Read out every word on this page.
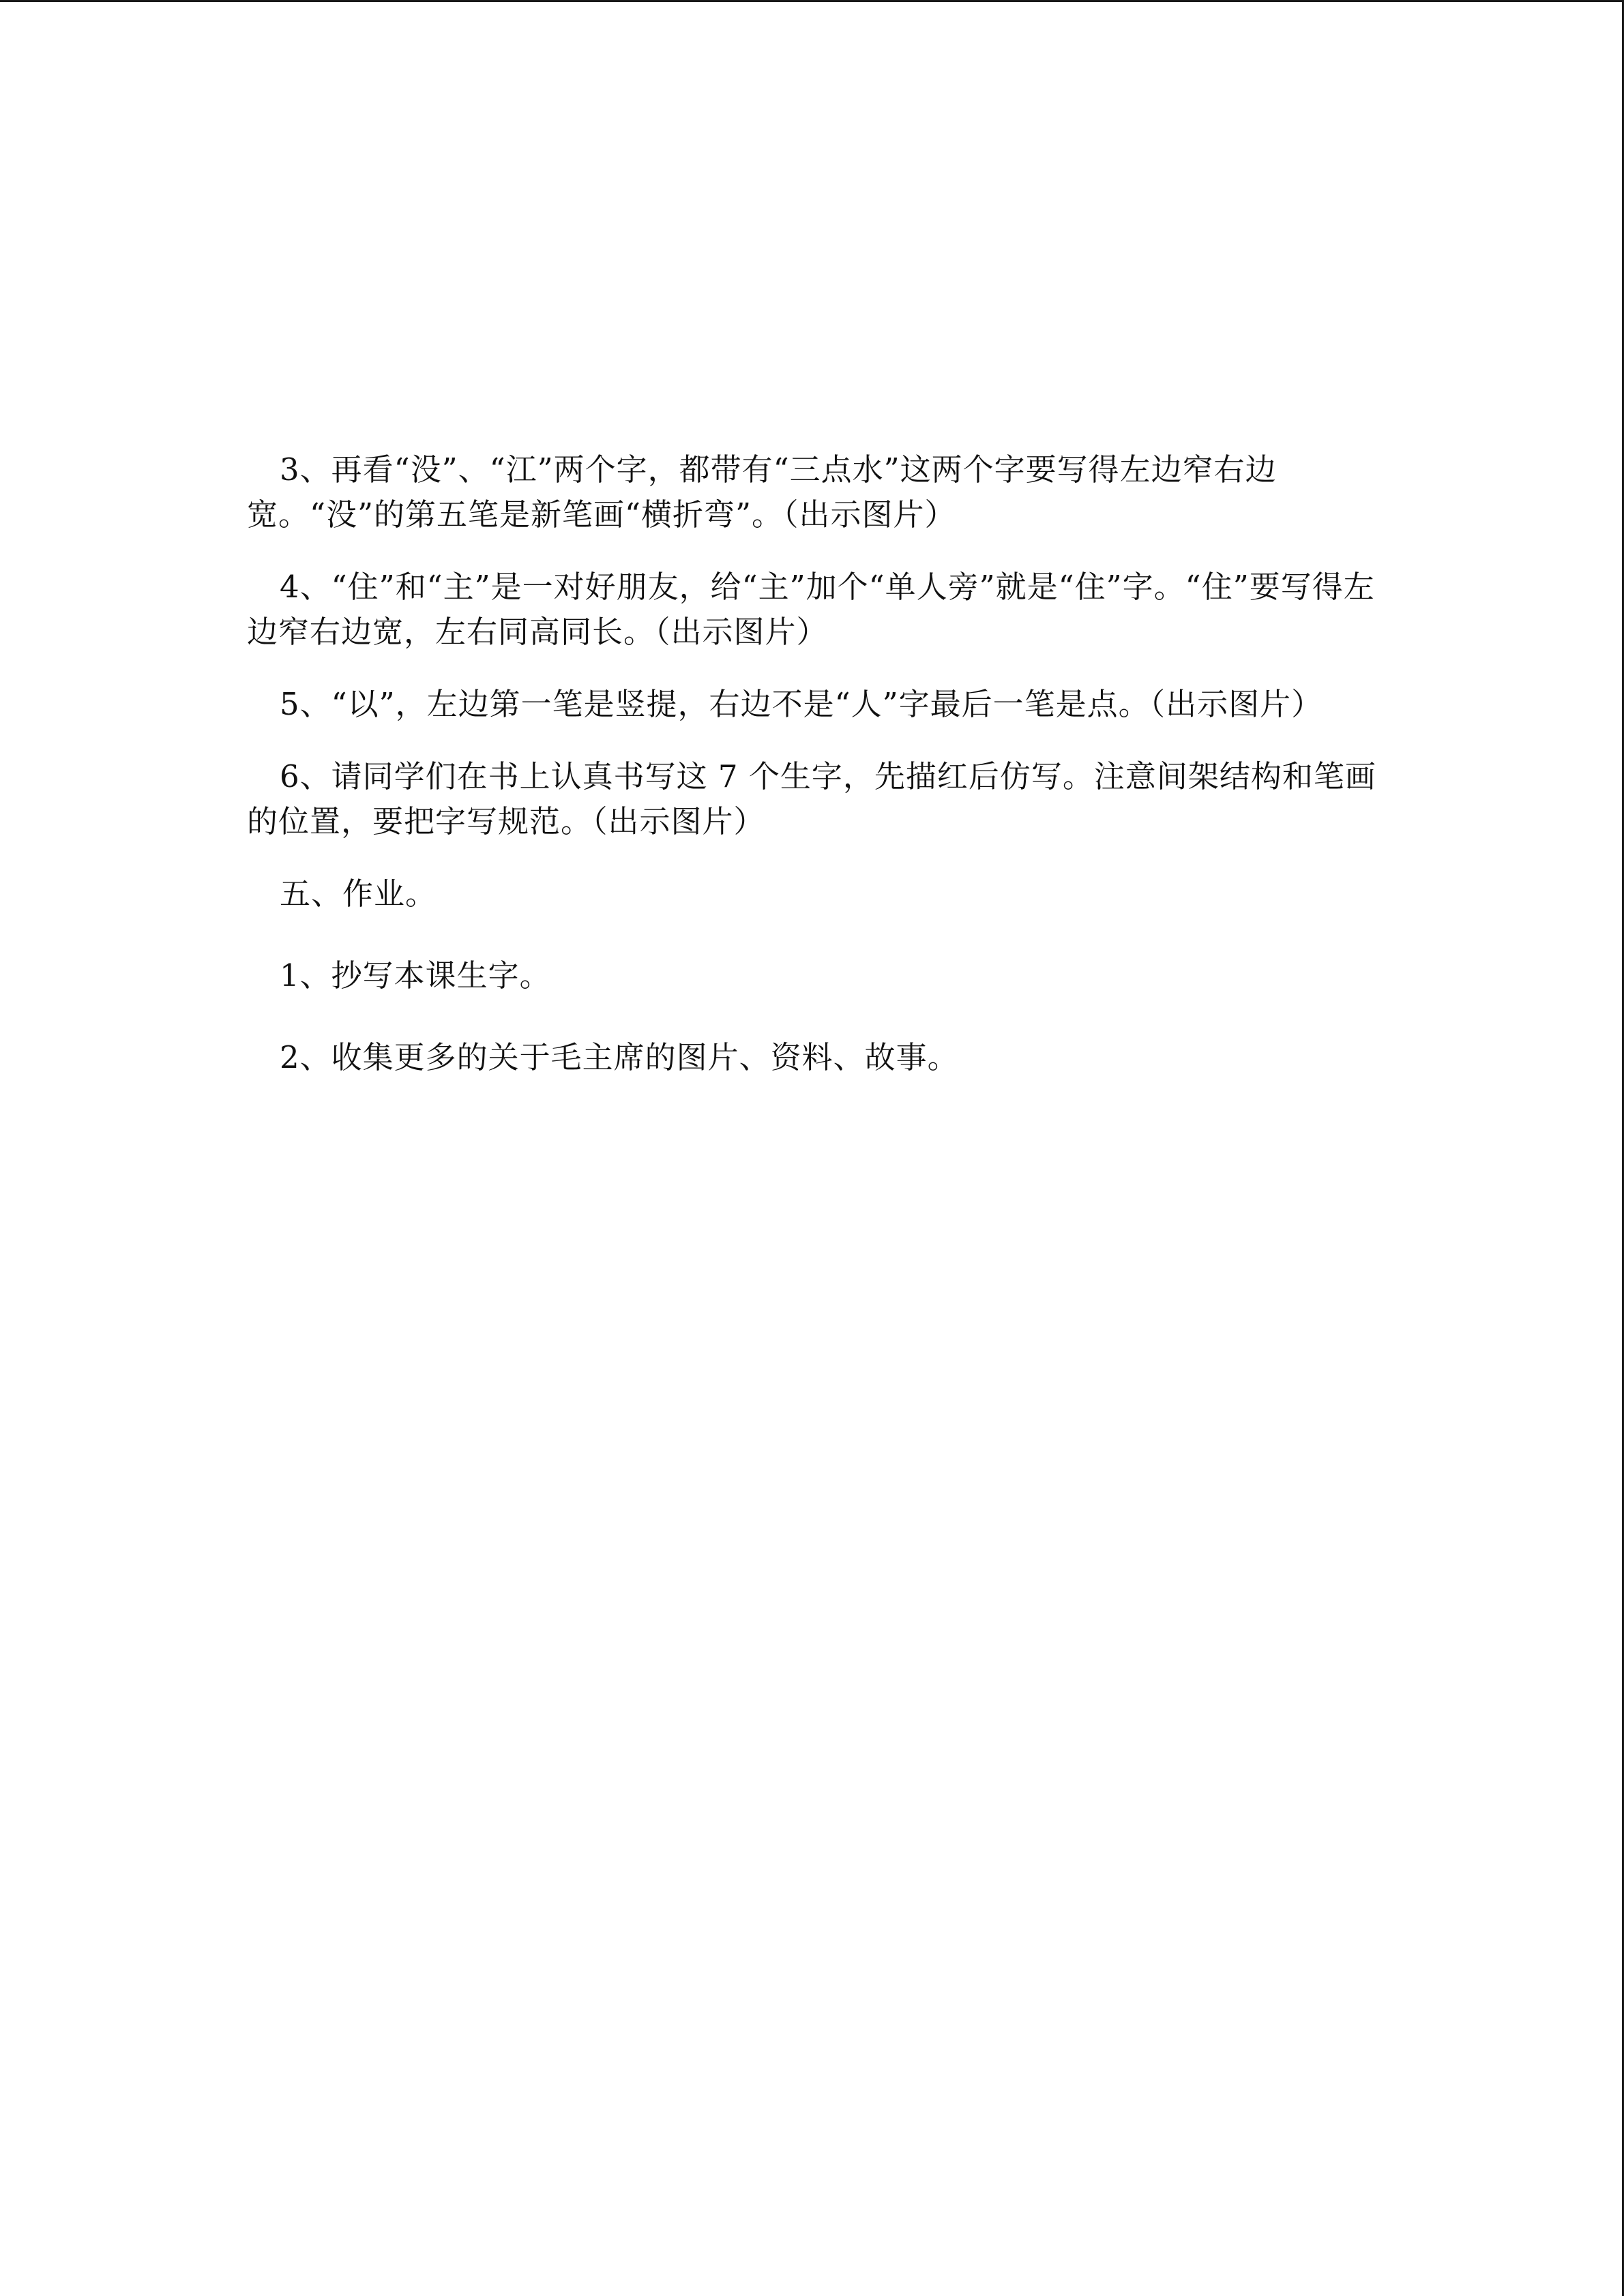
3、再看“没”、“江”两个字，都带有“三点水”这两个字要写得左边窄右边宽。“没”的第五笔是新笔画“横折弯”。（出示图片）

4、“住”和“主”是一对好朋友，给“主”加个“单人旁”就是“住”字。“住”要写得左边窄右边宽，左右同高同长。（出示图片）

5、“以”，左边第一笔是竖提，右边不是“人”字最后一笔是点。（出示图片）

6、请同学们在书上认真书写这 7 个生字，先描红后仿写。注意间架结构和笔画的位置，要把字写规范。（出示图片）

五、作业。

1、抄写本课生字。

2、收集更多的关于毛主席的图片、资料、故事。
